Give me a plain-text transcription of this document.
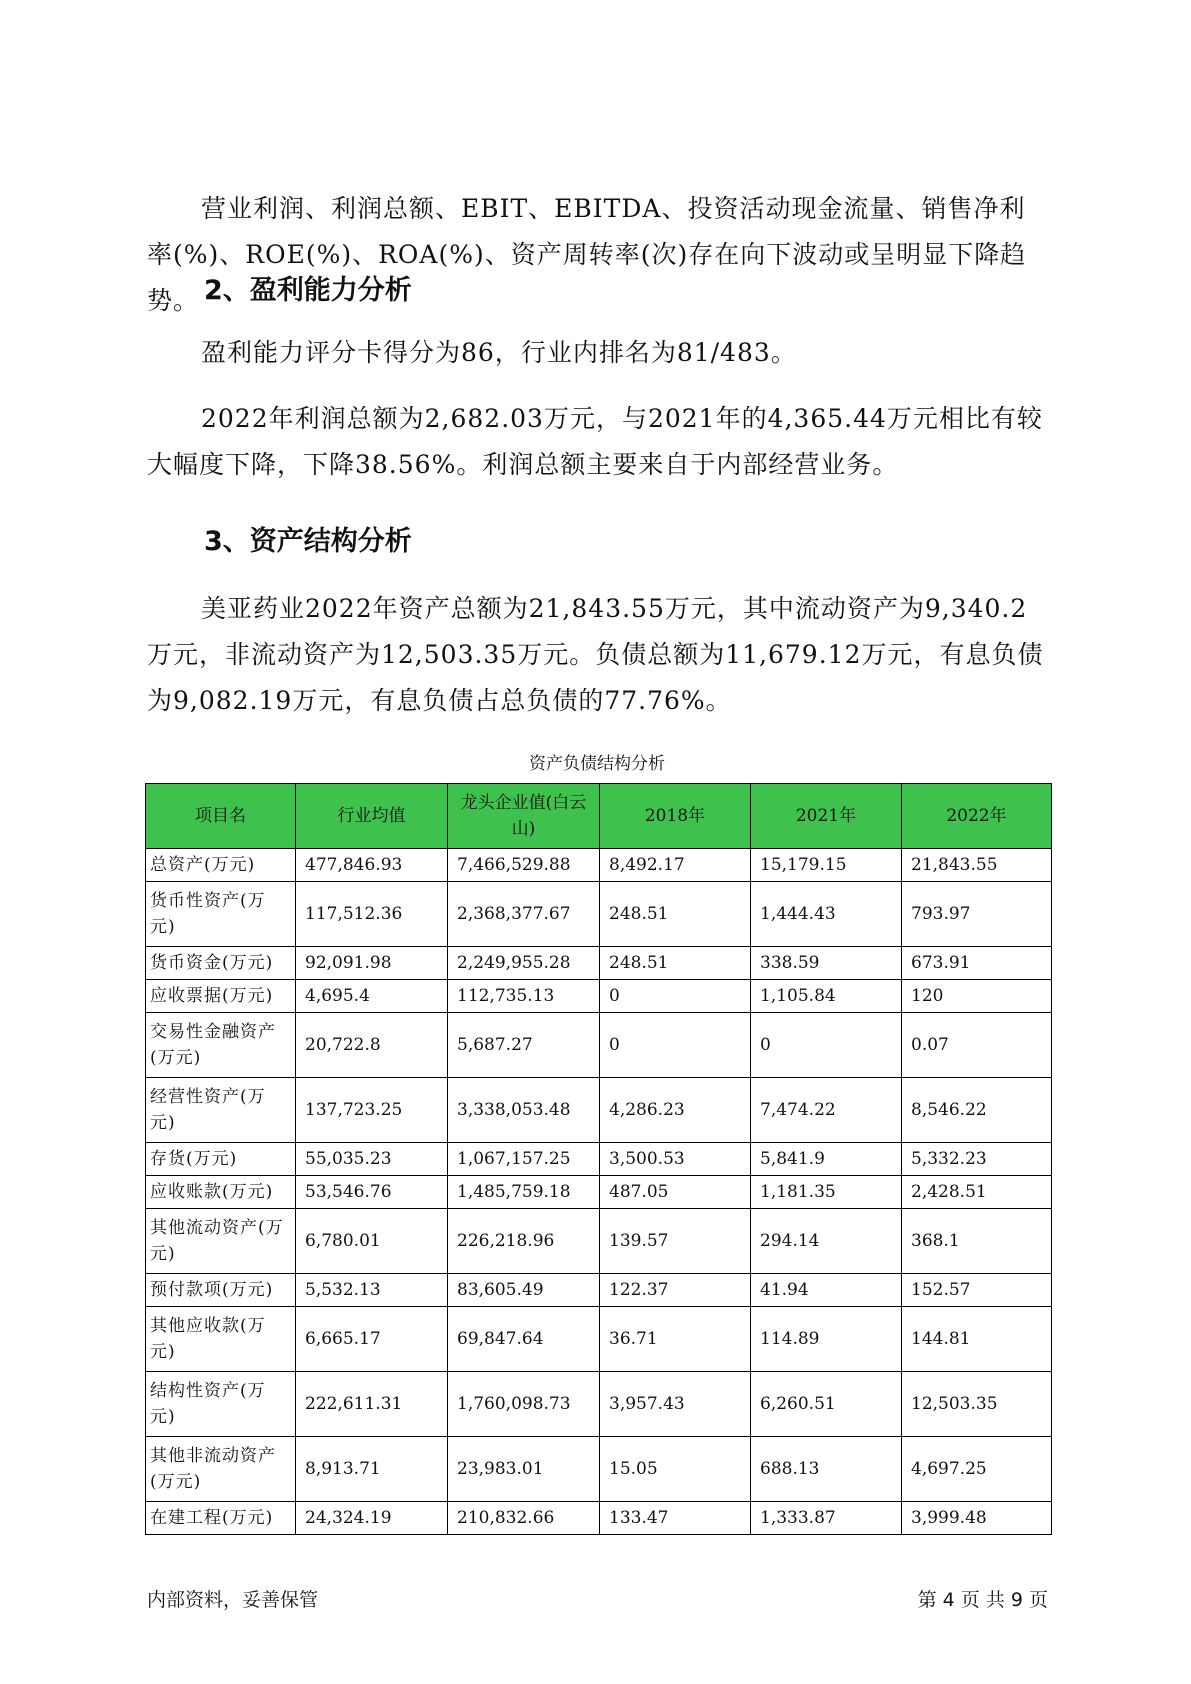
营业利润、利润总额、EBIT、EBITDA、投资活动现金流量、销售净利率(%)、ROE(%)、ROA(%)、资产周转率(次)存在向下波动或呈明显下降趋势。 2、盈利能力分析

盈利能力评分卡得分为86，行业内排名为81/483。

2022年利润总额为2,682.03万元，与2021年的4,365.44万元相比有较大幅度下降，下降38.56%。利润总额主要来自于内部经营业务。

3、资产结构分析

美亚药业2022年资产总额为21,843.55万元，其中流动资产为9,340.2万元，非流动资产为12,503.35万元。负债总额为11,679.12万元，有息负债为9,082.19万元，有息负债占总负债的77.76%。

资产负债结构分析
项目名	行业均值	龙头企业值(白云山)	2018年	2021年	2022年
总资产(万元)	477,846.93	7,466,529.88	8,492.17	15,179.15	21,843.55
货币性资产(万元)	117,512.36	2,368,377.67	248.51	1,444.43	793.97
货币资金(万元)	92,091.98	2,249,955.28	248.51	338.59	673.91
应收票据(万元)	4,695.4	112,735.13	0	1,105.84	120
交易性金融资产(万元)	20,722.8	5,687.27	0	0	0.07
经营性资产(万元)	137,723.25	3,338,053.48	4,286.23	7,474.22	8,546.22
存货(万元)	55,035.23	1,067,157.25	3,500.53	5,841.9	5,332.23
应收账款(万元)	53,546.76	1,485,759.18	487.05	1,181.35	2,428.51
其他流动资产(万元)	6,780.01	226,218.96	139.57	294.14	368.1
预付款项(万元)	5,532.13	83,605.49	122.37	41.94	152.57
其他应收款(万元)	6,665.17	69,847.64	36.71	114.89	144.81
结构性资产(万元)	222,611.31	1,760,098.73	3,957.43	6,260.51	12,503.35
其他非流动资产(万元)	8,913.71	23,983.01	15.05	688.13	4,697.25
在建工程(万元)	24,324.19	210,832.66	133.47	1,333.87	3,999.48
内部资料，妥善保管	第 4 页 共 9 页
